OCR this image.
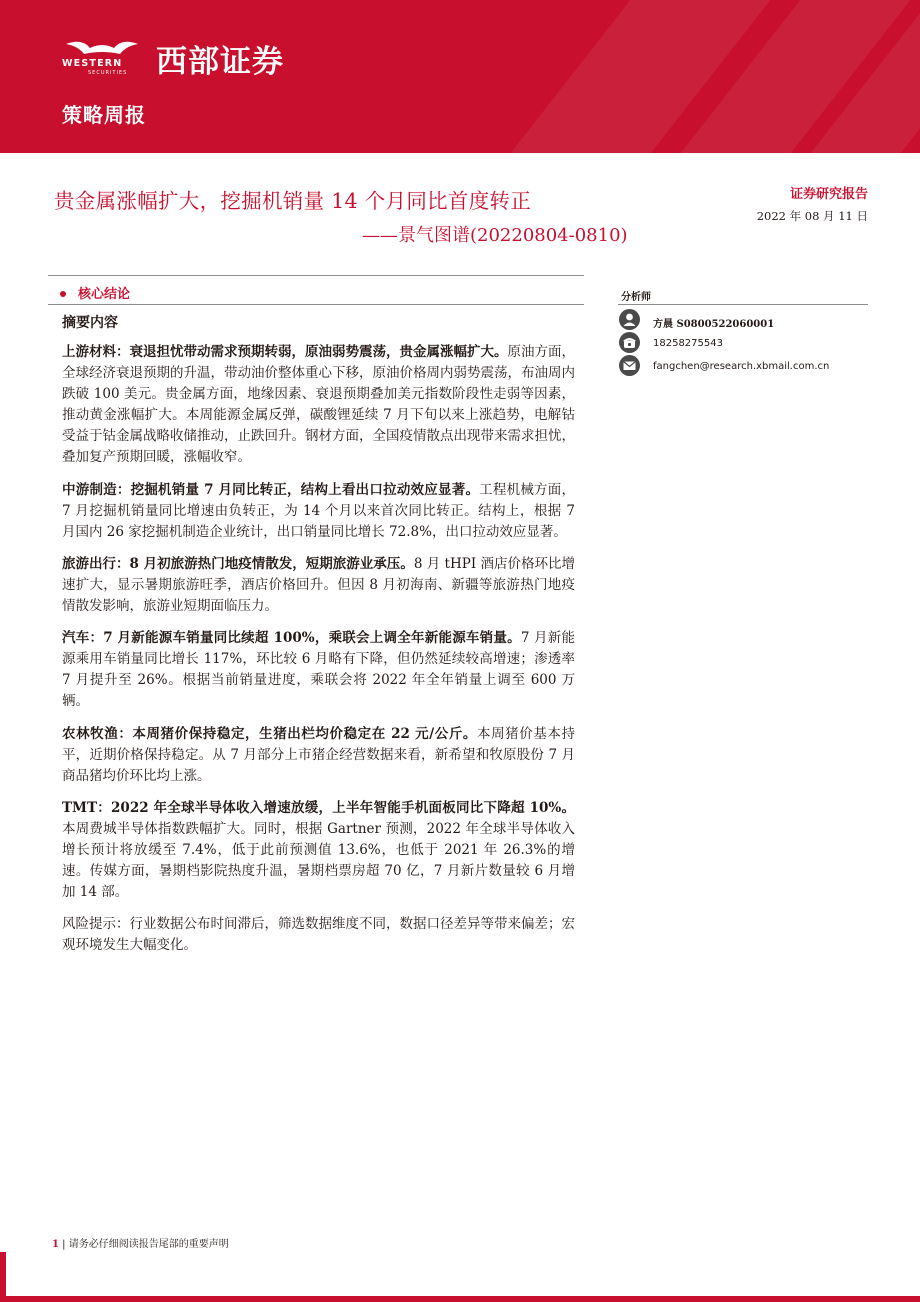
WESTERN
SECURITIES 西部证券
策略周报
贵金属涨幅扩大，挖掘机销量 14 个月同比首度转正
——景气图谱(20220804-0810)
证券研究报告
2022 年 08 月 11 日
核心结论
摘要内容

上游材料：衰退担忧带动需求预期转弱，原油弱势震荡，贵金属涨幅扩大。原油方面，全球经济衰退预期的升温，带动油价整体重心下移，原油价格周内弱势震荡，布油周内跌破 100 美元。贵金属方面，地缘因素、衰退预期叠加美元指数阶段性走弱等因素，推动黄金涨幅扩大。本周能源金属反弹，碳酸锂延续 7 月下旬以来上涨趋势，电解钴受益于钴金属战略收储推动，止跌回升。钢材方面，全国疫情散点出现带来需求担忧，叠加复产预期回暖，涨幅收窄。

中游制造：挖掘机销量 7 月同比转正，结构上看出口拉动效应显著。工程机械方面，7 月挖掘机销量同比增速由负转正，为 14 个月以来首次同比转正。结构上，根据 7 月国内 26 家挖掘机制造企业统计，出口销量同比增长 72.8%，出口拉动效应显著。

旅游出行：8 月初旅游热门地疫情散发，短期旅游业承压。8 月 tHPI 酒店价格环比增速扩大，显示暑期旅游旺季，酒店价格回升。但因 8 月初海南、新疆等旅游热门地疫情散发影响，旅游业短期面临压力。

汽车：7 月新能源车销量同比续超 100%，乘联会上调全年新能源车销量。7 月新能源乘用车销量同比增长 117%，环比较 6 月略有下降，但仍然延续较高增速；渗透率 7 月提升至 26%。根据当前销量进度，乘联会将 2022 年全年销量上调至 600 万辆。

农林牧渔：本周猪价保持稳定，生猪出栏均价稳定在 22 元/公斤。本周猪价基本持平，近期价格保持稳定。从 7 月部分上市猪企经营数据来看，新希望和牧原股份 7 月商品猪均价环比均上涨。

TMT：2022 年全球半导体收入增速放缓，上半年智能手机面板同比下降超 10%。本周费城半导体指数跌幅扩大。同时，根据 Gartner 预测，2022 年全球半导体收入增长预计将放缓至 7.4%，低于此前预测值 13.6%，也低于 2021 年 26.3%的增速。传媒方面，暑期档影院热度升温，暑期档票房超 70 亿，7 月新片数量较 6 月增加 14 部。

风险提示：行业数据公布时间滞后，筛选数据维度不同，数据口径差异等带来偏差；宏观环境发生大幅变化。

分析师
方晨 S0800522060001
18258275543
fangchen@research.xbmail.com.cn
1 | 请务必仔细阅读报告尾部的重要声明
